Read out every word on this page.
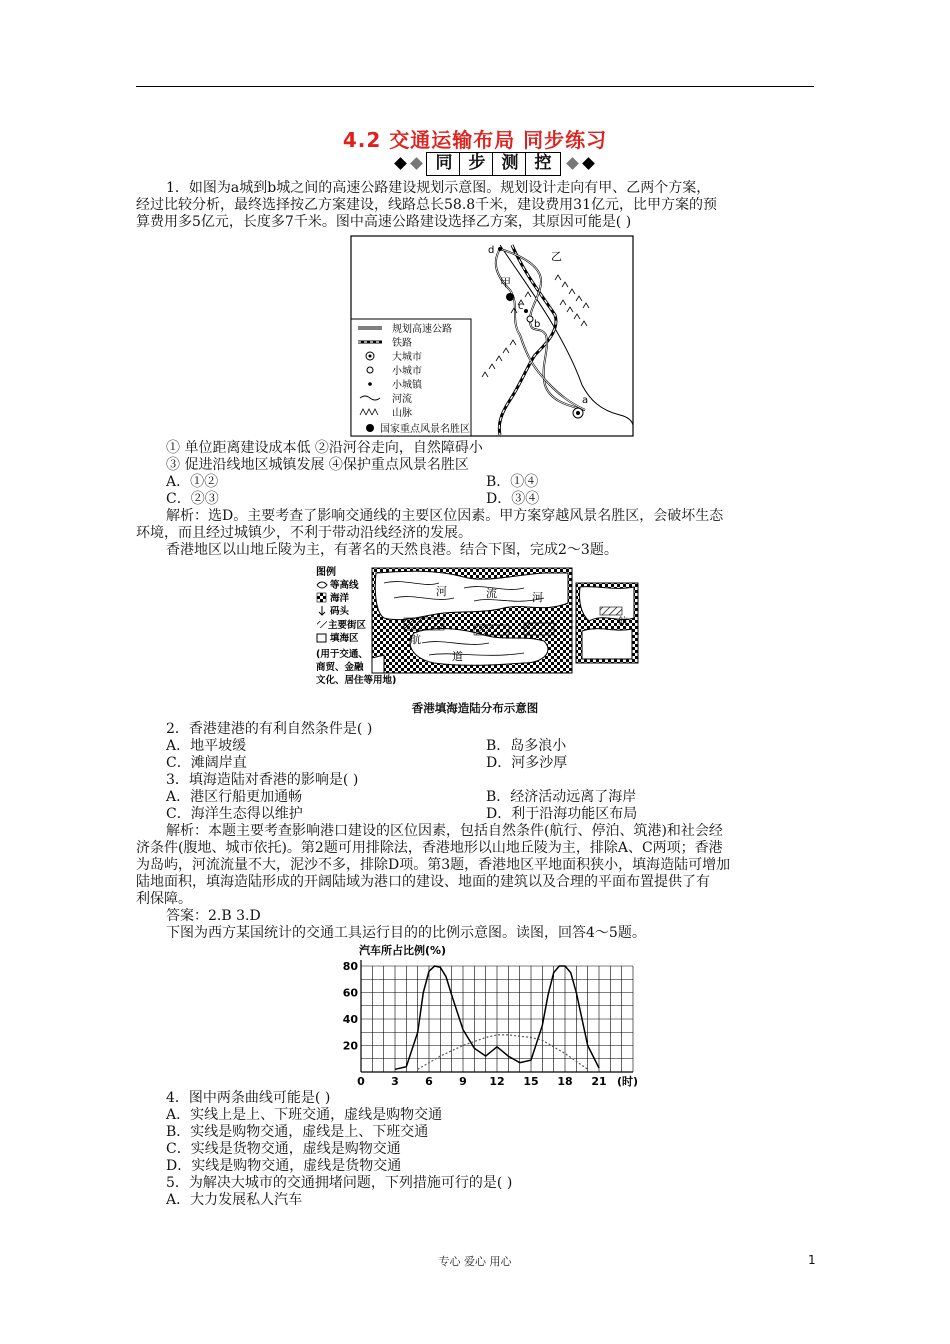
4.2 交通运输布局 同步练习
同 步 测 控
1．如图为a城到b城之间的高速公路建设规划示意图。规划设计走向有甲、乙两个方案，
经过比较分析，最终选择按乙方案建设，线路总长58.8千米，建设费用31亿元，比甲方案的预
算费用多5亿元，长度多7千米。图中高速公路建设选择乙方案，其原因可能是( )
d	乙
甲
c
b
a
规划高速公路
铁路
大城市
小城市
小城镇
河流
山脉
国家重点风景名胜区
① 单位距离建设成本低 ②沿河谷走向，自然障碍小
③ 促进沿线地区城镇发展 ④保护重点风景名胜区
A．①②	B．①④
C．②③	D．③④
解析：选D。主要考查了影响交通线的主要区位因素。甲方案穿越风景名胜区，会破坏生态
环境，而且经过城镇少，不利于带动沿线经济的发展。
香港地区以山地丘陵为主，有著名的天然良港。结合下图，完成2～3题。
河	流
航
道
河
航
图例
等高线
海洋
码头
主要街区
填海区
(用于交通、
商贸、金融
文化、居住等用地)
香港填海造陆分布示意图
2．香港建港的有利自然条件是( )
A．地平坡缓	B．岛多浪小
C．滩阔岸直	D．河多沙厚
3．填海造陆对香港的影响是( )
A．港区行船更加通畅	B．经济活动远离了海岸
C．海洋生态得以维护	D．利于沿海功能区布局
解析：本题主要考查影响港口建设的区位因素，包括自然条件(航行、停泊、筑港)和社会经
济条件(腹地、城市依托)。第2题可用排除法，香港地形以山地丘陵为主，排除A、C两项；香港
为岛屿，河流流量不大，泥沙不多，排除D项。第3题，香港地区平地面积狭小，填海造陆可增加
陆地面积，填海造陆形成的开阔陆域为港口的建设、地面的建筑以及合理的平面布置提供了有
利保障。
答案：2.B 3.D
下图为西方某国统计的交通工具运行目的的比例示意图。读图，回答4～5题。
汽车所占比例(%)
20
40
60
80
0 3 6 9 12 15 18 21 (时)
4．图中两条曲线可能是( )
A．实线上是上、下班交通，虚线是购物交通
B．实线是购物交通，虚线是上、下班交通
C．实线是货物交通，虚线是购物交通
D．实线是购物交通，虚线是货物交通
5．为解决大城市的交通拥堵问题，下列措施可行的是( )
A．大力发展私人汽车
专心 爱心 用心	1
